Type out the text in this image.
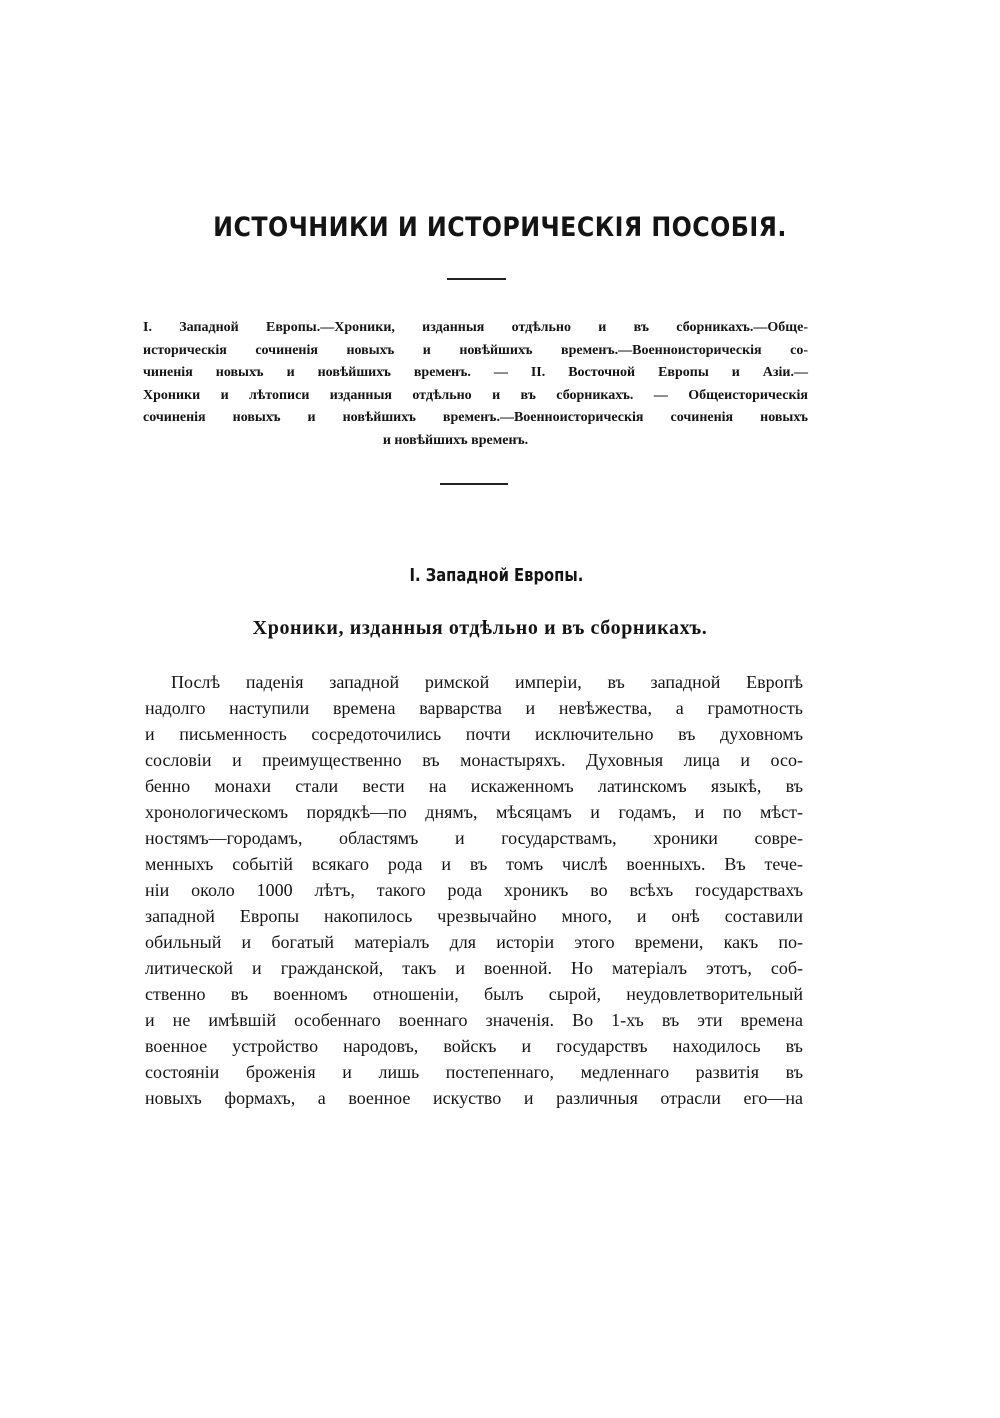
ИСТОЧНИКИ И ИСТОРИЧЕСКІЯ ПОСОБІЯ.
I. Западной Европы.—Хроники, изданныя отдѣльно и въ сборникахъ.—Обще-
историческія сочиненія новыхъ и новѣйшихъ временъ.—Военноисторическія со-
чиненія новыхъ и новѣйшихъ временъ. — II. Восточной Европы и Азіи.—
Хроники и лѣтописи изданныя отдѣльно и въ сборникахъ. — Общеисторическія
сочиненія новыхъ и новѣйшихъ временъ.—Военноисторическія сочиненія новыхъ
и новѣйшихъ временъ.
I. Западной Европы.
Хроники, изданныя отдѣльно и въ сборникахъ.
Послѣ паденія западной римской имперіи, въ западной Европѣ
надолго наступили времена варварства и невѣжества, а грамотность
и письменность сосредоточились почти исключительно въ духовномъ
сословіи и преимущественно въ монастыряхъ. Духовныя лица и осо-
бенно монахи стали вести на искаженномъ латинскомъ языкѣ, въ
хронологическомъ порядкѣ—по днямъ, мѣсяцамъ и годамъ, и по мѣст-
ностямъ—городамъ, областямъ и государствамъ, хроники совре-
менныхъ событій всякаго рода и въ томъ числѣ военныхъ. Въ тече-
ніи около 1000 лѣтъ, такого рода хроникъ во всѣхъ государствахъ
западной Европы накопилось чрезвычайно много, и онѣ составили
обильный и богатый матеріалъ для исторіи этого времени, какъ по-
литической и гражданской, такъ и военной. Но матеріалъ этотъ, соб-
ственно въ военномъ отношеніи, былъ сырой, неудовлетворительный
и не имѣвшій особеннаго военнаго значенія. Во 1-хъ въ эти времена
военное устройство народовъ, войскъ и государствъ находилось въ
состояніи броженія и лишь постепеннаго, медленнаго развитія въ
новыхъ формахъ, а военное искуство и различныя отрасли его—на
